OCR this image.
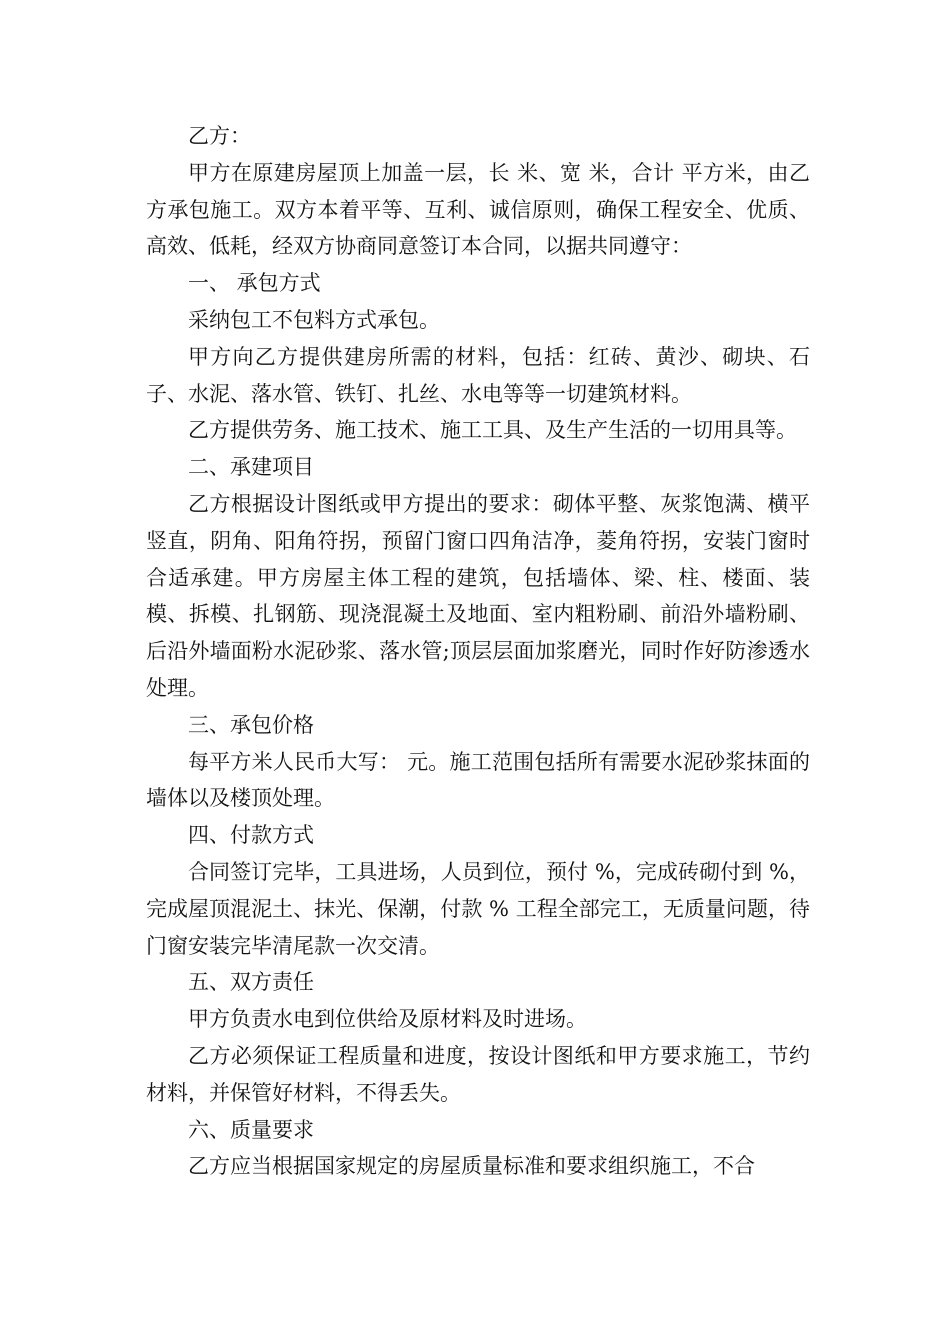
乙方：

甲方在原建房屋顶上加盖一层，长 米、宽 米，合计 平方米，由乙方承包施工。双方本着平等、互利、诚信原则，确保工程安全、优质、高效、低耗，经双方协商同意签订本合同，以据共同遵守：

一、 承包方式

采纳包工不包料方式承包。

甲方向乙方提供建房所需的材料，包括：红砖、黄沙、砌块、石子、水泥、落水管、铁钉、扎丝、水电等等一切建筑材料。

乙方提供劳务、施工技术、施工工具、及生产生活的一切用具等。

二、承建项目

乙方根据设计图纸或甲方提出的要求：砌体平整、灰浆饱满、横平竖直，阴角、阳角符拐，预留门窗口四角洁净，菱角符拐，安装门窗时合适承建。甲方房屋主体工程的建筑，包括墙体、梁、柱、楼面、装模、拆模、扎钢筋、现浇混凝土及地面、室内粗粉刷、前沿外墙粉刷、后沿外墙面粉水泥砂浆、落水管;顶层层面加浆磨光，同时作好防渗透水处理。

三、承包价格

每平方米人民币大写： 元。施工范围包括所有需要水泥砂浆抹面的墙体以及楼顶处理。

四、付款方式

合同签订完毕，工具进场，人员到位，预付 %，完成砖砌付到 %，完成屋顶混泥土、抹光、保潮，付款 % 工程全部完工，无质量问题，待门窗安装完毕清尾款一次交清。

五、双方责任

甲方负责水电到位供给及原材料及时进场。

乙方必须保证工程质量和进度，按设计图纸和甲方要求施工，节约材料，并保管好材料，不得丢失。

六、质量要求

乙方应当根据国家规定的房屋质量标准和要求组织施工，不合
